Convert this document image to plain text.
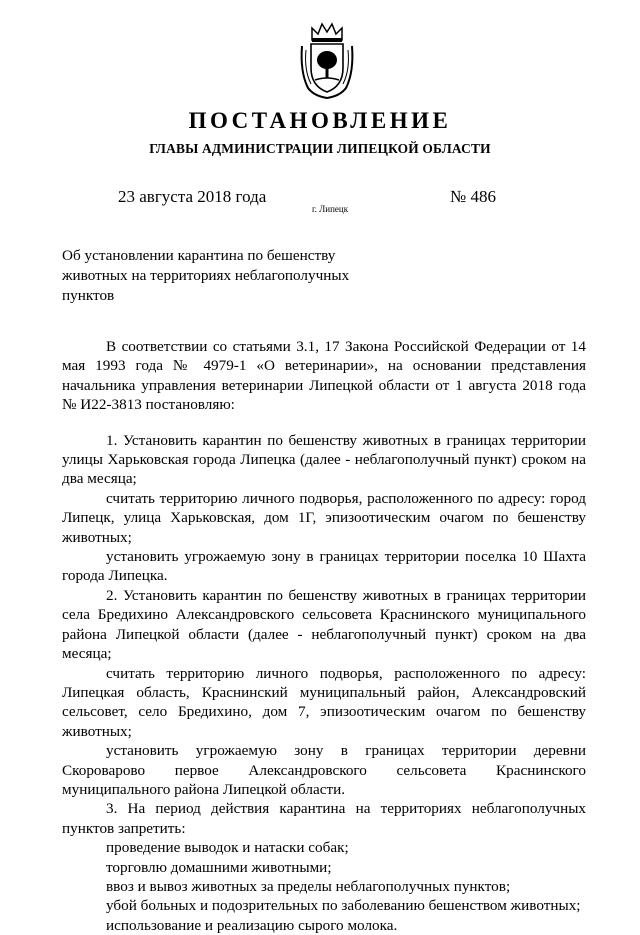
ПОСТАНОВЛЕНИЕ
ГЛАВЫ АДМИНИСТРАЦИИ ЛИПЕЦКОЙ ОБЛАСТИ
23 августа 2018 года
г. Липецк
№ 486
Об установлении карантина по бешенству
животных на территориях неблагополучных
пунктов

В соответствии со статьями 3.1, 17 Закона Российской Федерации от 14 мая 1993 года № 4979-1 «О ветеринарии», на основании представления начальника управления ветеринарии Липецкой области от 1 августа 2018 года № И22-3813 постановляю:

1. Установить карантин по бешенству животных в границах территории улицы Харьковская города Липецка (далее - неблагополучный пункт) сроком на два месяца;

считать территорию личного подворья, расположенного по адресу: город Липецк, улица Харьковская, дом 1Г, эпизоотическим очагом по бешенству животных;

установить угрожаемую зону в границах территории поселка 10 Шахта города Липецка.

2. Установить карантин по бешенству животных в границах территории села Бредихино Александровского сельсовета Краснинского муниципального района Липецкой области (далее - неблагополучный пункт) сроком на два месяца;

считать территорию личного подворья, расположенного по адресу: Липецкая область, Краснинский муниципальный район, Александровский сельсовет, село Бредихино, дом 7, эпизоотическим очагом по бешенству животных;

установить угрожаемую зону в границах территории деревни Скороварово первое Александровского сельсовета Краснинского муниципального района Липецкой области.

3. На период действия карантина на территориях неблагополучных пунктов запретить:

проведение выводок и натаски собак;

торговлю домашними животными;

ввоз и вывоз животных за пределы неблагополучных пунктов;

убой больных и подозрительных по заболеванию бешенством животных;

использование и реализацию сырого молока.
